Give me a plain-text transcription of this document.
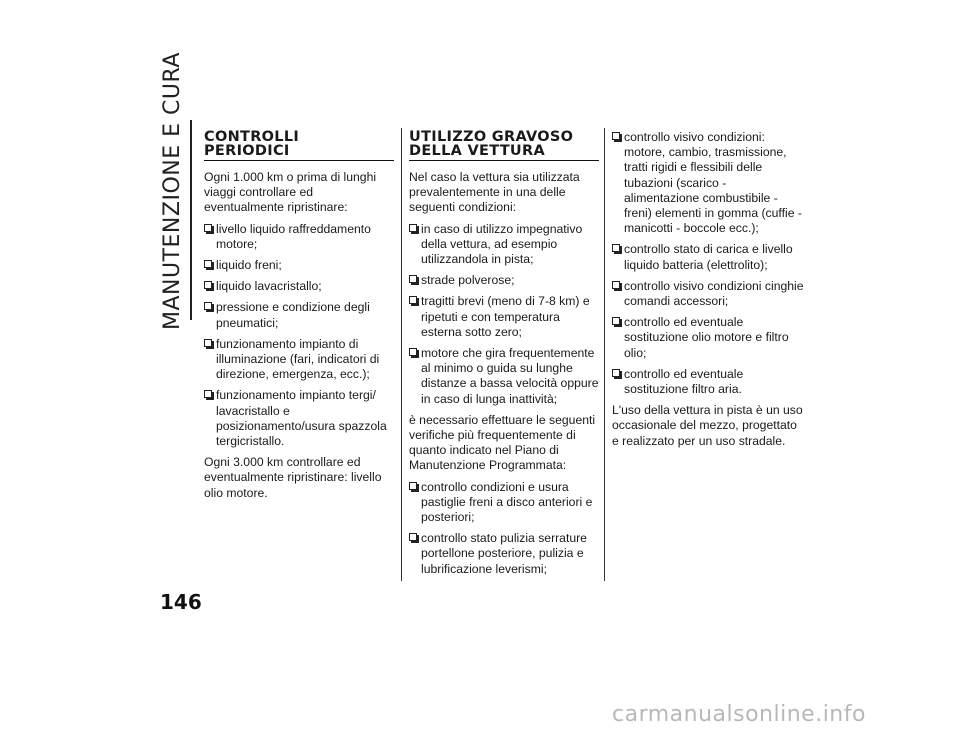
MANUTENZIONE E CURA CONTROLLI
PERIODICI

Ogni 1.000 km o prima di lunghi viaggi controllare ed eventualmente ripristinare:

livello liquido raffreddamento motore;
liquido freni;
liquido lavacristallo;
pressione e condizione degli pneumatici;
funzionamento impianto di illuminazione (fari, indicatori di direzione, emergenza, ecc.);
funzionamento impianto tergi/ lavacristallo e posizionamento/usura spazzola tergicristallo.

Ogni 3.000 km controllare ed eventualmente ripristinare: livello olio motore.

UTILIZZO GRAVOSO
DELLA VETTURA

Nel caso la vettura sia utilizzata prevalentemente in una delle seguenti condizioni:

in caso di utilizzo impegnativo della vettura, ad esempio utilizzandola in pista;
strade polverose;
tragitti brevi (meno di 7-8 km) e ripetuti e con temperatura esterna sotto zero;
motore che gira frequentemente al minimo o guida su lunghe distanze a bassa velocità oppure in caso di lunga inattività;

è necessario effettuare le seguenti verifiche più frequentemente di quanto indicato nel Piano di Manutenzione Programmata:

controllo condizioni e usura pastiglie freni a disco anteriori e posteriori;
controllo stato pulizia serrature portellone posteriore, pulizia e lubrificazione leverismi;
controllo visivo condizioni: motore, cambio, trasmissione, tratti rigidi e flessibili delle tubazioni (scarico - alimentazione combustibile - freni) elementi in gomma (cuffie - manicotti - boccole ecc.);
controllo stato di carica e livello liquido batteria (elettrolito);
controllo visivo condizioni cinghie comandi accessori;
controllo ed eventuale sostituzione olio motore e filtro olio;
controllo ed eventuale sostituzione filtro aria.

L'uso della vettura in pista è un uso occasionale del mezzo, progettato e realizzato per un uso stradale.

146
carmanualsonline.info
